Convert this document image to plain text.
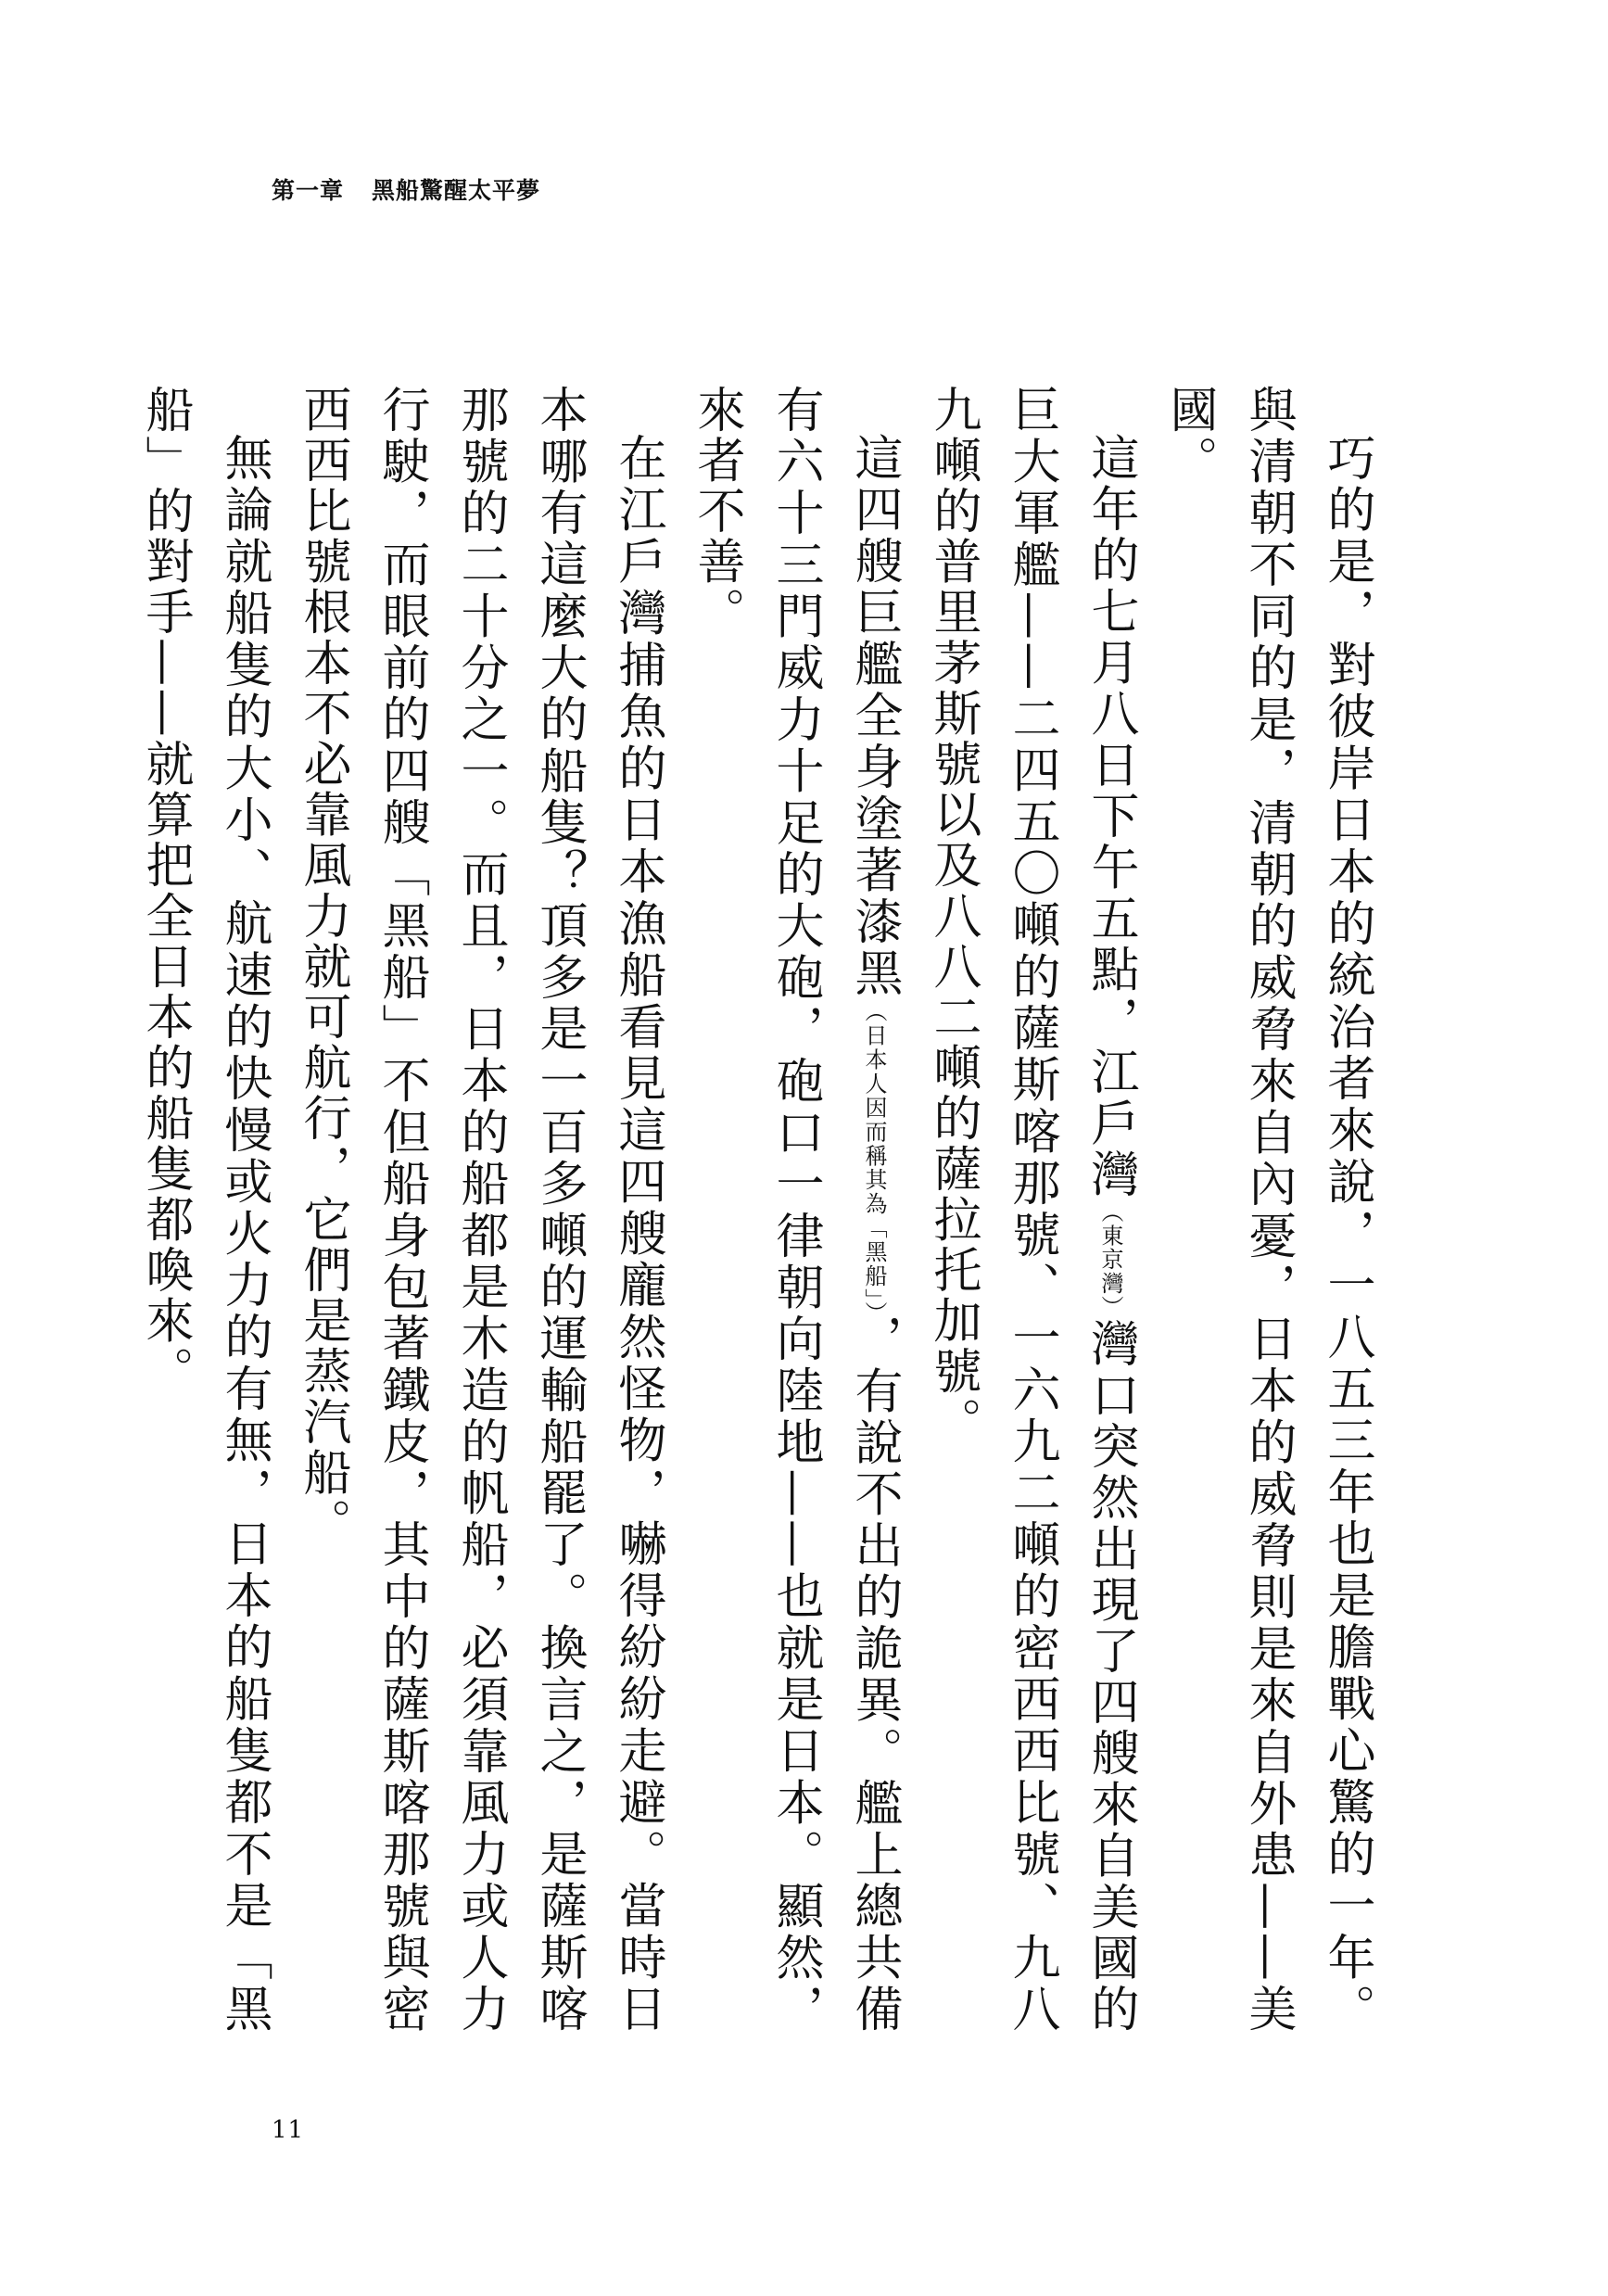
第一章 黑船驚醒太平夢

巧的是，對彼岸日本的統治者來說，一八五三年也是膽戰心驚的一年。與清朝不同的是，清朝的威脅來自內憂，日本的威脅則是來自外患——美國。

這年的七月八日下午五點，江戶灣（東京灣）灣口突然出現了四艘來自美國的巨大軍艦——二四五〇噸的薩斯喀那號、一六九二噸的密西西比號、九八九噸的普里茅斯號以及八八二噸的薩拉托加號。

這四艘巨艦全身塗著漆黑（日本人因而稱其為「黑船」），有說不出的詭異。艦上總共備有六十三門威力十足的大砲，砲口一律朝向陸地——也就是日本。顯然，來者不善。

在江戶灣捕魚的日本漁船看見這四艘龐然怪物，嚇得紛紛走避。當時日本哪有這麼大的船隻？頂多是一百多噸的運輸船罷了。換言之，是薩斯喀那號的二十分之一。而且，日本的船都是木造的帆船，必須靠風力或人力行駛，而眼前的四艘「黑船」不但船身包著鐵皮，其中的薩斯喀那號與密西西比號根本不必靠風力就可航行，它們是蒸汽船。

無論就船隻的大小、航速的快慢或火力的有無，日本的船隻都不是「黑船」的對手——就算把全日本的船隻都喚來。

11
